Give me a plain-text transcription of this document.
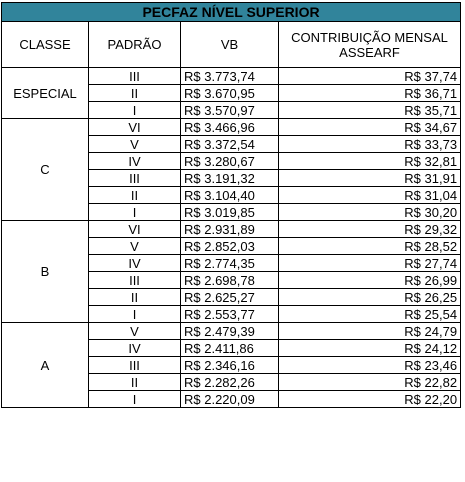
PECFAZ NÍVEL SUPERIOR			
CLASSE	PADRÃO	VB	CONTRIBUIÇÃO MENSAL ASSEARF
ESPECIAL	III	R$ 3.773,74	R$ 37,74
	II	R$ 3.670,95	R$ 36,71
	I	R$ 3.570,97	R$ 35,71
C	VI	R$ 3.466,96	R$ 34,67
	V	R$ 3.372,54	R$ 33,73
	IV	R$ 3.280,67	R$ 32,81
	III	R$ 3.191,32	R$ 31,91
	II	R$ 3.104,40	R$ 31,04
	I	R$ 3.019,85	R$ 30,20
B	VI	R$ 2.931,89	R$ 29,32
	V	R$ 2.852,03	R$ 28,52
	IV	R$ 2.774,35	R$ 27,74
	III	R$ 2.698,78	R$ 26,99
	II	R$ 2.625,27	R$ 26,25
	I	R$ 2.553,77	R$ 25,54
A	V	R$ 2.479,39	R$ 24,79
	IV	R$ 2.411,86	R$ 24,12
	III	R$ 2.346,16	R$ 23,46
	II	R$ 2.282,26	R$ 22,82
	I	R$ 2.220,09	R$ 22,20
